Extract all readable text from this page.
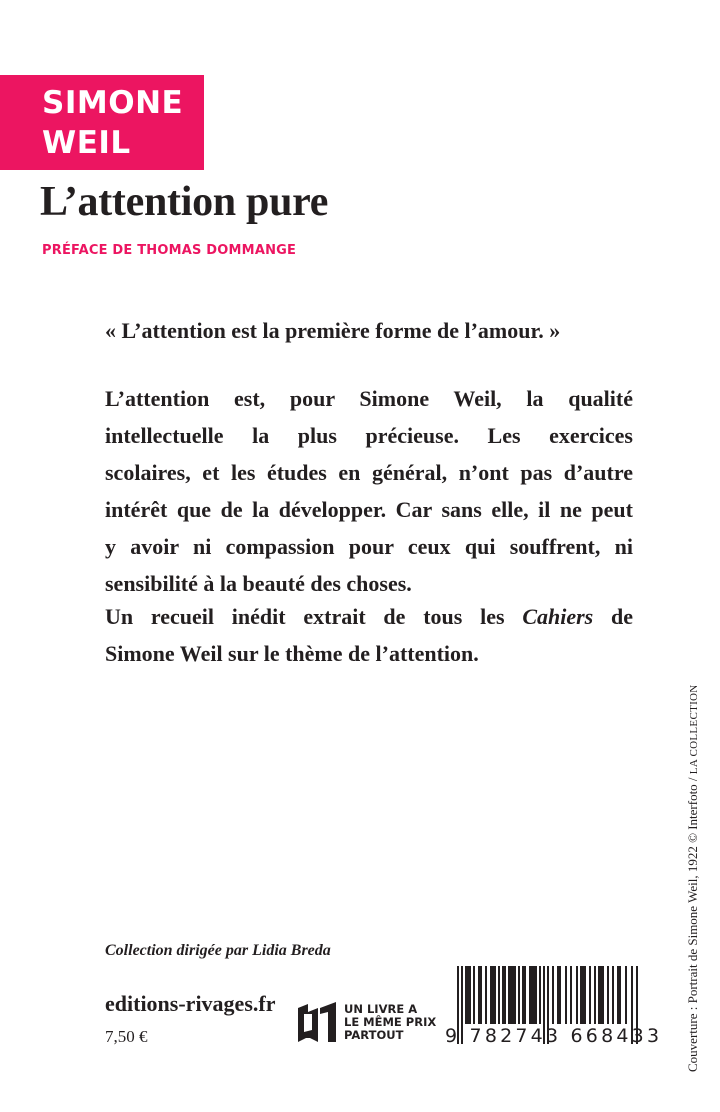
SIMONE
WEIL

L’attention pure

PRÉFACE DE THOMAS DOMMANGE

« L’attention est la première forme de l’amour. »
L’attention est, pour Simone Weil, la qualité
intellectuelle la plus précieuse. Les exercices
scolaires, et les études en général, n’ont pas d’autre
intérêt que de la développer. Car sans elle, il ne peut
y avoir ni compassion pour ceux qui souffrent, ni
sensibilité à la beauté des choses.
Un recueil inédit extrait de tous les Cahiers de
Simone Weil sur le thème de l’attention.
Couverture : Portrait de Simone Weil, 1922 © Interfoto / LA COLLECTION

Collection dirigée par Lidia Breda

editions-rivages.fr
7,50 €
UN LIVRE A
LE MÊME PRIX
PARTOUT	9 782743 668433
